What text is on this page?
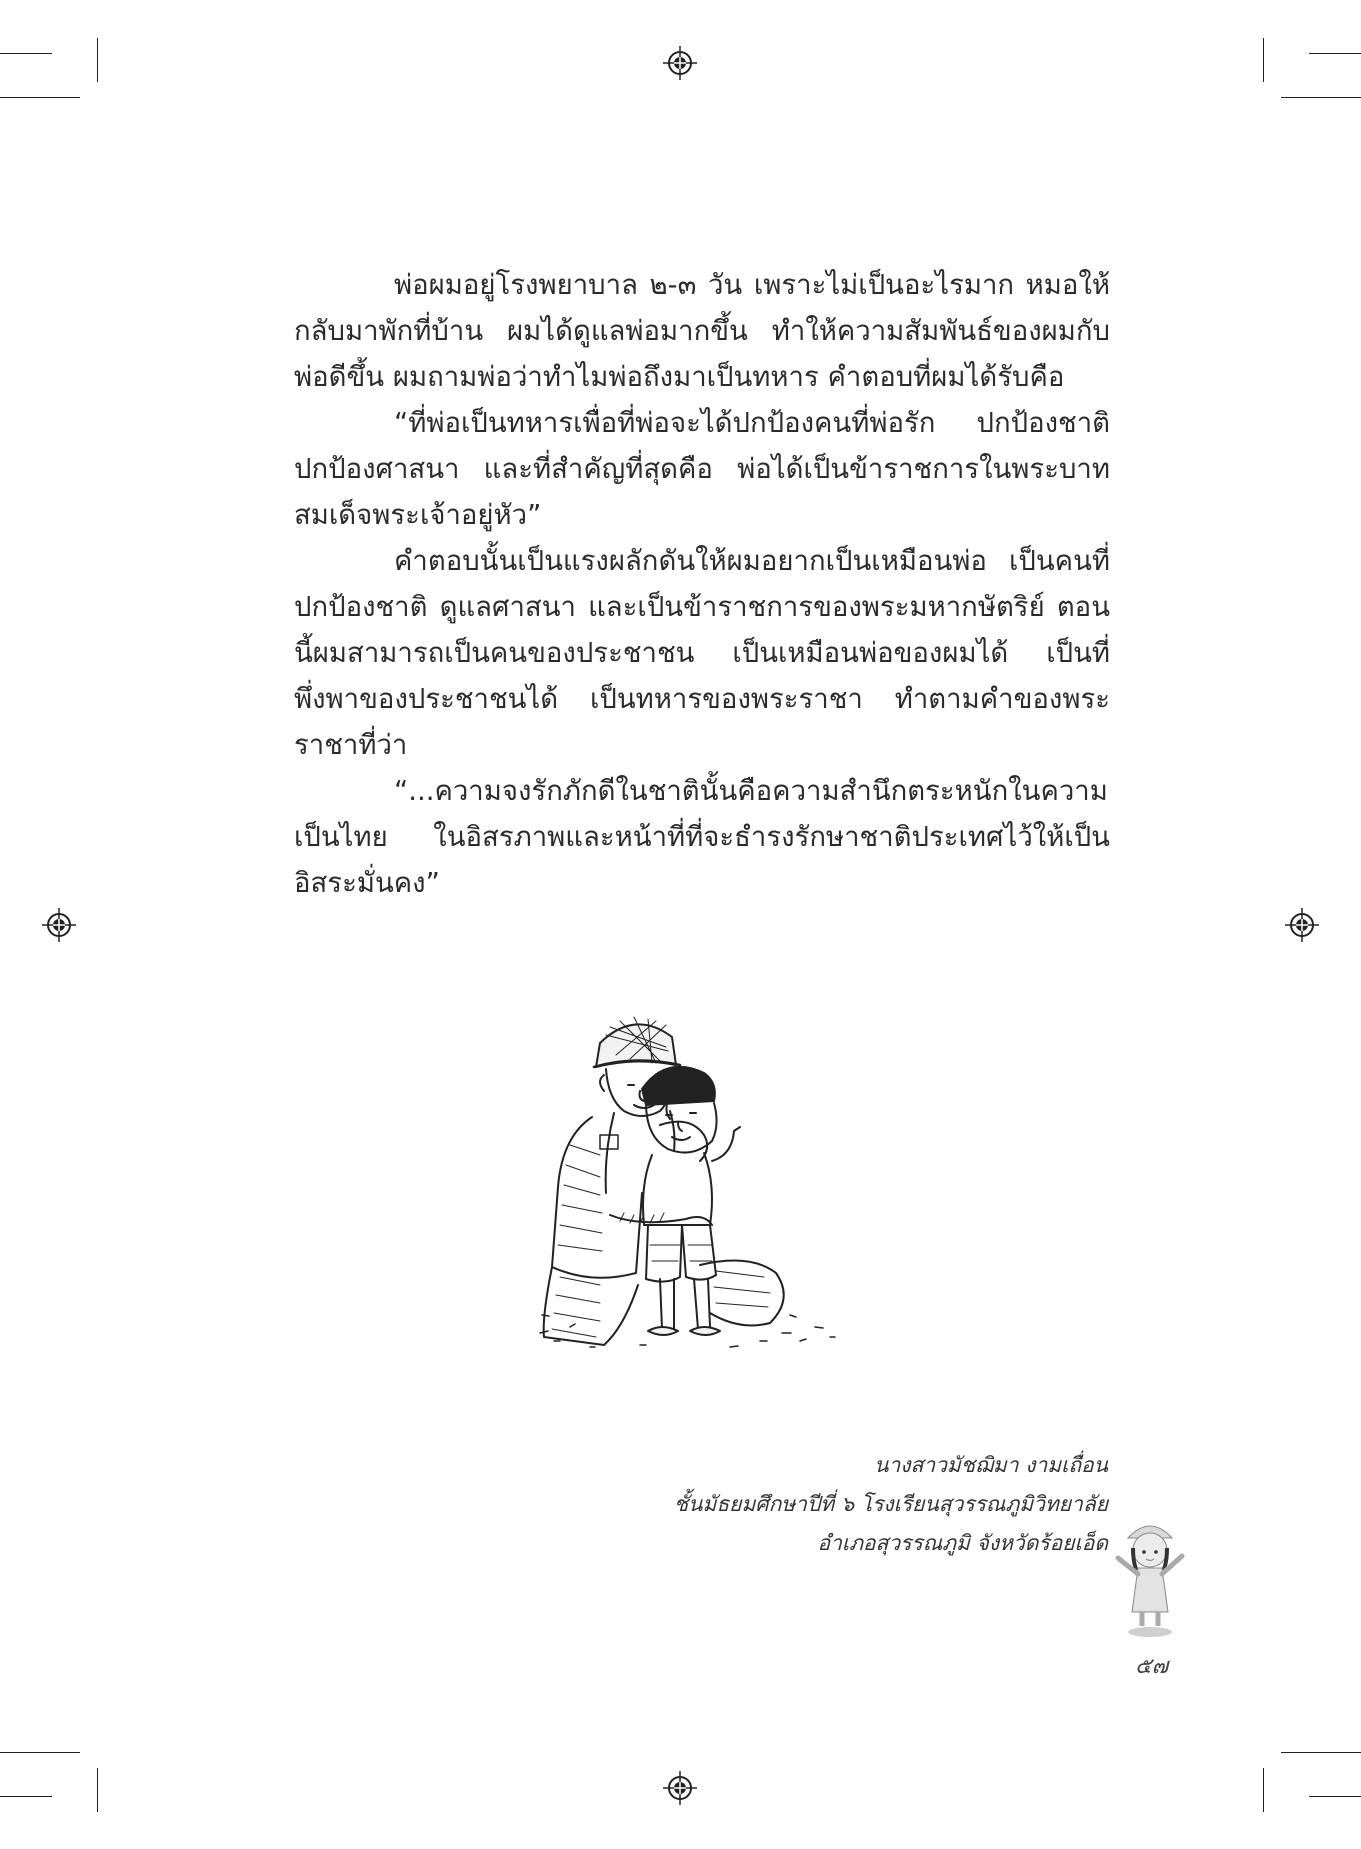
พ่อผมอยู่โรงพยาบาล ๒-๓ วัน เพราะไม่เป็นอะไรมาก หมอให้กลับมาพักที่บ้าน ผมได้ดูแลพ่อมากขึ้น ทำให้ความสัมพันธ์ของผมกับพ่อดีขึ้น ผมถามพ่อว่าทำไมพ่อถึงมาเป็นทหาร คำตอบที่ผมได้รับคือ

“ที่พ่อเป็นทหารเพื่อที่พ่อจะได้ปกป้องคนที่พ่อรัก ปกป้องชาติ ปกป้องศาสนา และที่สำคัญที่สุดคือ พ่อได้เป็นข้าราชการในพระบาทสมเด็จพระเจ้าอยู่หัว”

คำตอบนั้นเป็นแรงผลักดันให้ผมอยากเป็นเหมือนพ่อ เป็นคนที่ปกป้องชาติ ดูแลศาสนา และเป็นข้าราชการของพระมหากษัตริย์ ตอนนี้ผมสามารถเป็นคนของประชาชน เป็นเหมือนพ่อของผมได้ เป็นที่พึ่งพาของประชาชนได้ เป็นทหารของพระราชา ทำตามคำของพระราชาที่ว่า

“...ความจงรักภักดีในชาตินั้นคือความสำนึกตระหนักในความเป็นไทย ในอิสรภาพและหน้าที่ที่จะธำรงรักษาชาติประเทศไว้ให้เป็นอิสระมั่นคง”

นางสาวมัชฌิมา งามเถื่อน
ชั้นมัธยมศึกษาปีที่ ๖ โรงเรียนสุวรรณภูมิวิทยาลัย
อำเภอสุวรรณภูมิ จังหวัดร้อยเอ็ด
๕๗
